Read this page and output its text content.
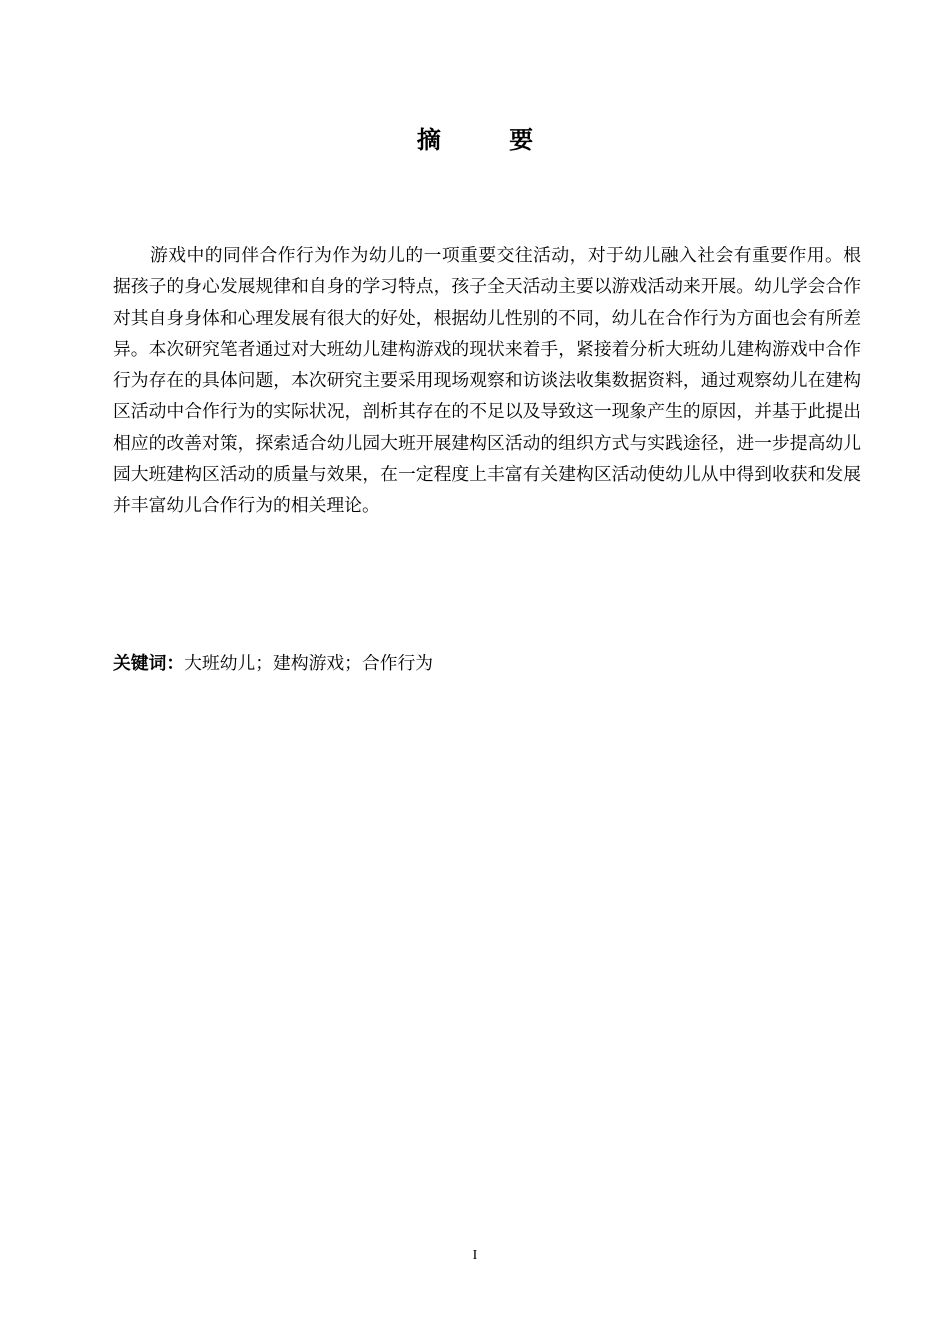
摘 要

游戏中的同伴合作行为作为幼儿的一项重要交往活动，对于幼儿融入社会有重要作用。根据孩子的身心发展规律和自身的学习特点，孩子全天活动主要以游戏活动来开展。幼儿学会合作对其自身身体和心理发展有很大的好处，根据幼儿性别的不同，幼儿在合作行为方面也会有所差异。本次研究笔者通过对大班幼儿建构游戏的现状来着手，紧接着分析大班幼儿建构游戏中合作行为存在的具体问题，本次研究主要采用现场观察和访谈法收集数据资料，通过观察幼儿在建构区活动中合作行为的实际状况，剖析其存在的不足以及导致这一现象产生的原因，并基于此提出相应的改善对策，探索适合幼儿园大班开展建构区活动的组织方式与实践途径，进一步提高幼儿园大班建构区活动的质量与效果，在一定程度上丰富有关建构区活动使幼儿从中得到收获和发展并丰富幼儿合作行为的相关理论。

关键词：大班幼儿；建构游戏；合作行为

I
